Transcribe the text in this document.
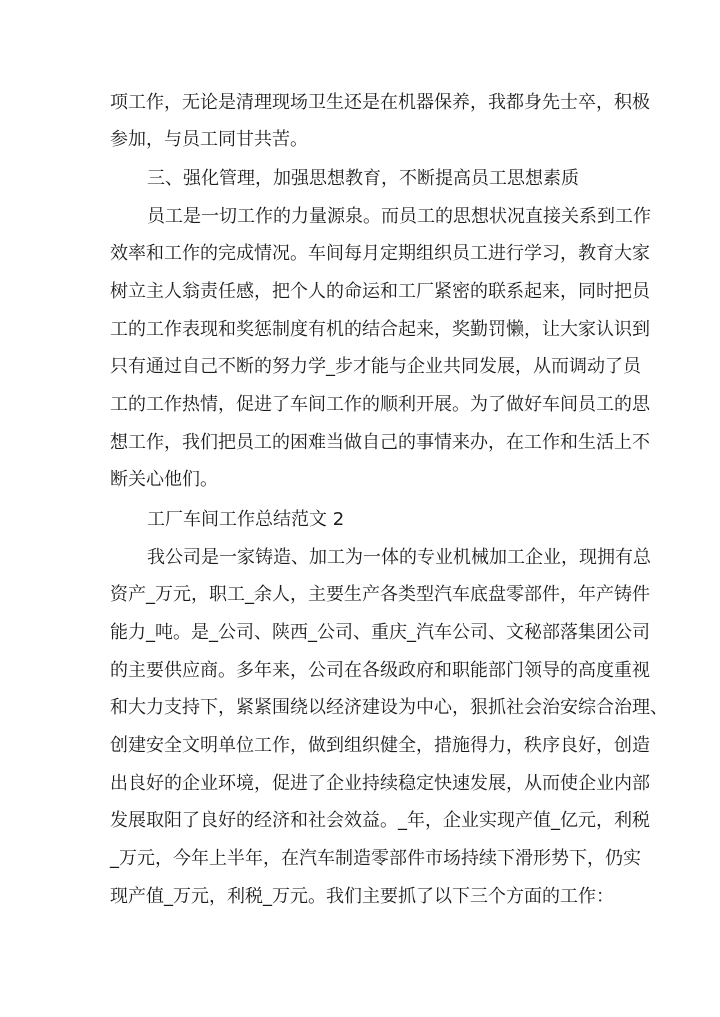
项工作，无论是清理现场卫生还是在机器保养，我都身先士卒，积极
参加，与员工同甘共苦。
三、强化管理，加强思想教育，不断提高员工思想素质
员工是一切工作的力量源泉。而员工的思想状况直接关系到工作
效率和工作的完成情况。车间每月定期组织员工进行学习，教育大家
树立主人翁责任感，把个人的命运和工厂紧密的联系起来，同时把员
工的工作表现和奖惩制度有机的结合起来，奖勤罚懒，让大家认识到
只有通过自己不断的努力学_步才能与企业共同发展，从而调动了员
工的工作热情，促进了车间工作的顺利开展。为了做好车间员工的思
想工作，我们把员工的困难当做自己的事情来办，在工作和生活上不
断关心他们。
工厂车间工作总结范文 2
我公司是一家铸造、加工为一体的专业机械加工企业，现拥有总
资产_万元，职工_余人，主要生产各类型汽车底盘零部件，年产铸件
能力_吨。是_公司、陕西_公司、重庆_汽车公司、文秘部落集团公司
的主要供应商。多年来，公司在各级政府和职能部门领导的高度重视
和大力支持下，紧紧围绕以经济建设为中心，狠抓社会治安综合治理、
创建安全文明单位工作，做到组织健全，措施得力，秩序良好，创造
出良好的企业环境，促进了企业持续稳定快速发展，从而使企业内部
发展取阳了良好的经济和社会效益。_年，企业实现产值_亿元，利税
_万元，今年上半年，在汽车制造零部件市场持续下滑形势下，仍实
现产值_万元，利税_万元。我们主要抓了以下三个方面的工作：
